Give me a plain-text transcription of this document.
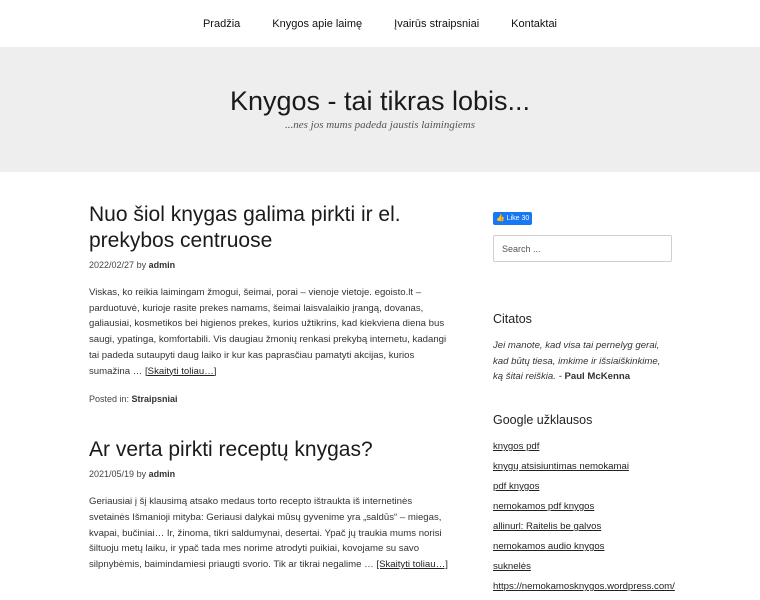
Pradžia	Knygos apie laimę	Įvairūs straipsniai	Kontaktai
Knygos - tai tikras lobis...
...nes jos mums padeda jaustis laimingiems
Nuo šiol knygas galima pirkti ir el. prekybos centruose
2022/02/27 by admin

Viskas, ko reikia laimingam žmogui, šeimai, porai – vienoje vietoje. egoisto.lt – parduotuvė, kurioje rasite prekes namams, šeimai laisvalaikio įrangą, dovanas, galiausiai, kosmetikos bei higienos prekes, kurios užtikrins, kad kiekviena diena bus saugi, ypatinga, komfortabili. Vis daugiau žmonių renkasi prekybą internetu, kadangi tai padeda sutaupyti daug laiko ir kur kas paprasčiau pamatyti akcijas, kurios sumažina … [Skaityti toliau…]

Posted in: Straipsniai
Ar verta pirkti receptų knygas?
2021/05/19 by admin

Geriausiai į šį klausimą atsako medaus torto receptо ištraukta iš internetinės svetainės Išmanioji mityba: Geriausi dalykai mūsų gyvenime yra „saldūs“ – miegas, kvapai, bučiniai… Ir, žinoma, tikri saldumynai, desertai. Ypač jų traukia mums norisi šiltuoju metų laiku, ir ypač tada mes norime atrodyti puikiai, kovojame su savo silpnybėmis, baimindamiesi priaugti svorio. Tik ar tikrai negalime … [Skaityti toliau…]

👍 Like 30
Search ...
Citatos

Jei manote, kad visa tai pernelyg gerai, kad būtų tiesa, imkime ir išsiaiškinkime, ką šitai reiškia. - Paul McKenna

Google užklausos
knygos pdf
knygų atsisiuntimas nemokamai
pdf knygos
nemokamos pdf knygos
allinurl: Raitelis be galvos
nemokamos audio knygos
suknelės
https://nemokamosknygos.wordpress.com/
